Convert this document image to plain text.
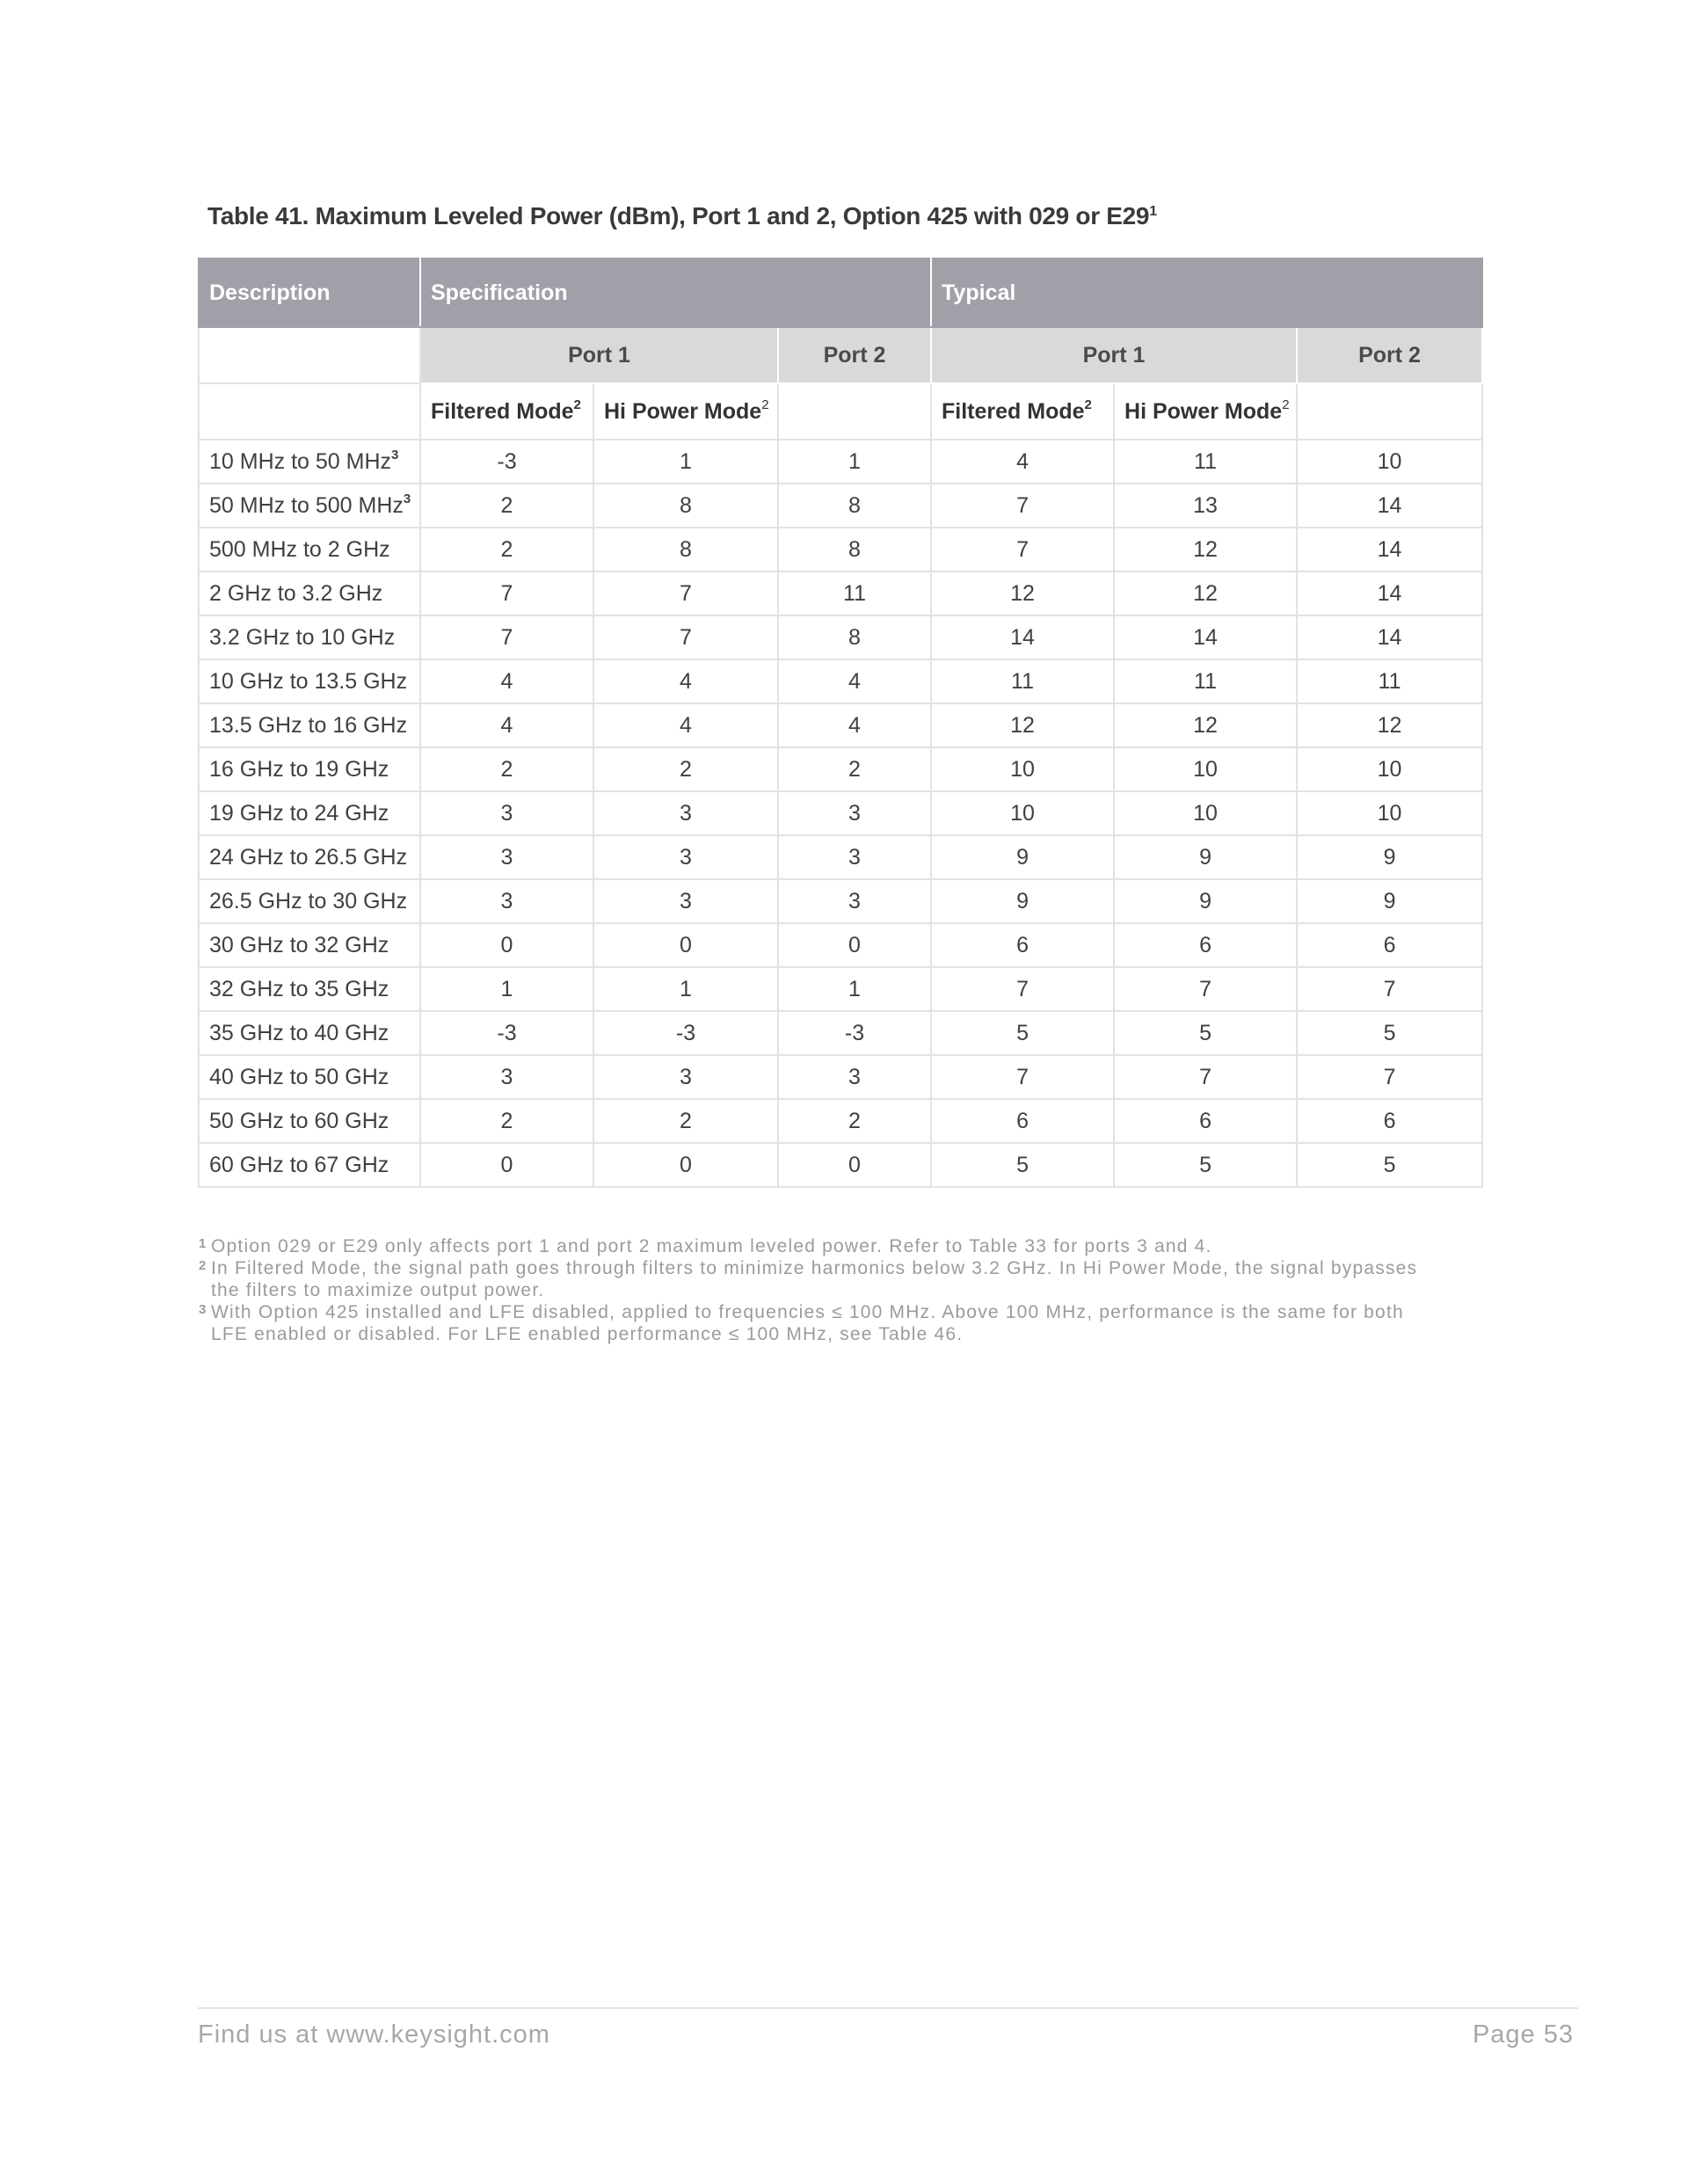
Table 41. Maximum Leveled Power (dBm), Port 1 and 2, Option 425 with 029 or $E29^1$
Description	Specification			Typical		
	Port 1		Port 2	Port 1		Port 2
	Filtered Mode$^2$	Hi Power Mode$^2$		Filtered Mode$^2$	Hi Power Mode$^2$	
10 MHz to 50 MHz$^3$	-3	1	1	4	11	10
50 MHz to 500 MHz$^3$	2	8	8	7	13	14
500 MHz to 2 GHz	2	8	8	7	12	14
2 GHz to 3.2 GHz	7	7	11	12	12	14
3.2 GHz to 10 GHz	7	7	8	14	14	14
10 GHz to 13.5 GHz	4	4	4	11	11	11
13.5 GHz to 16 GHz	4	4	4	12	12	12
16 GHz to 19 GHz	2	2	2	10	10	10
19 GHz to 24 GHz	3	3	3	10	10	10
24 GHz to 26.5 GHz	3	3	3	9	9	9
26.5 GHz to 30 GHz	3	3	3	9	9	9
30 GHz to 32 GHz	0	0	0	6	6	6
32 GHz to 35 GHz	1	1	1	7	7	7
35 GHz to 40 GHz	-3	-3	-3	5	5	5
40 GHz to 50 GHz	3	3	3	7	7	7
50 GHz to 60 GHz	2	2	2	6	6	6
60 GHz to 67 GHz	0	0	0	5	5	5
1 Option 029 or E29 only affects port 1 and port 2 maximum leveled power. Refer to Table 33 for ports 3 and 4.
2 In Filtered Mode, the signal path goes through filters to minimize harmonics below 3.2 GHz. In Hi Power Mode, the signal bypasses the filters to maximize output power.
3 With Option 425 installed and LFE disabled, applied to frequencies ≤ 100 MHz. Above 100 MHz, performance is the same for both LFE enabled or disabled. For LFE enabled performance ≤ 100 MHz, see Table 46.
Find us at www.keysight.com	Page 53
